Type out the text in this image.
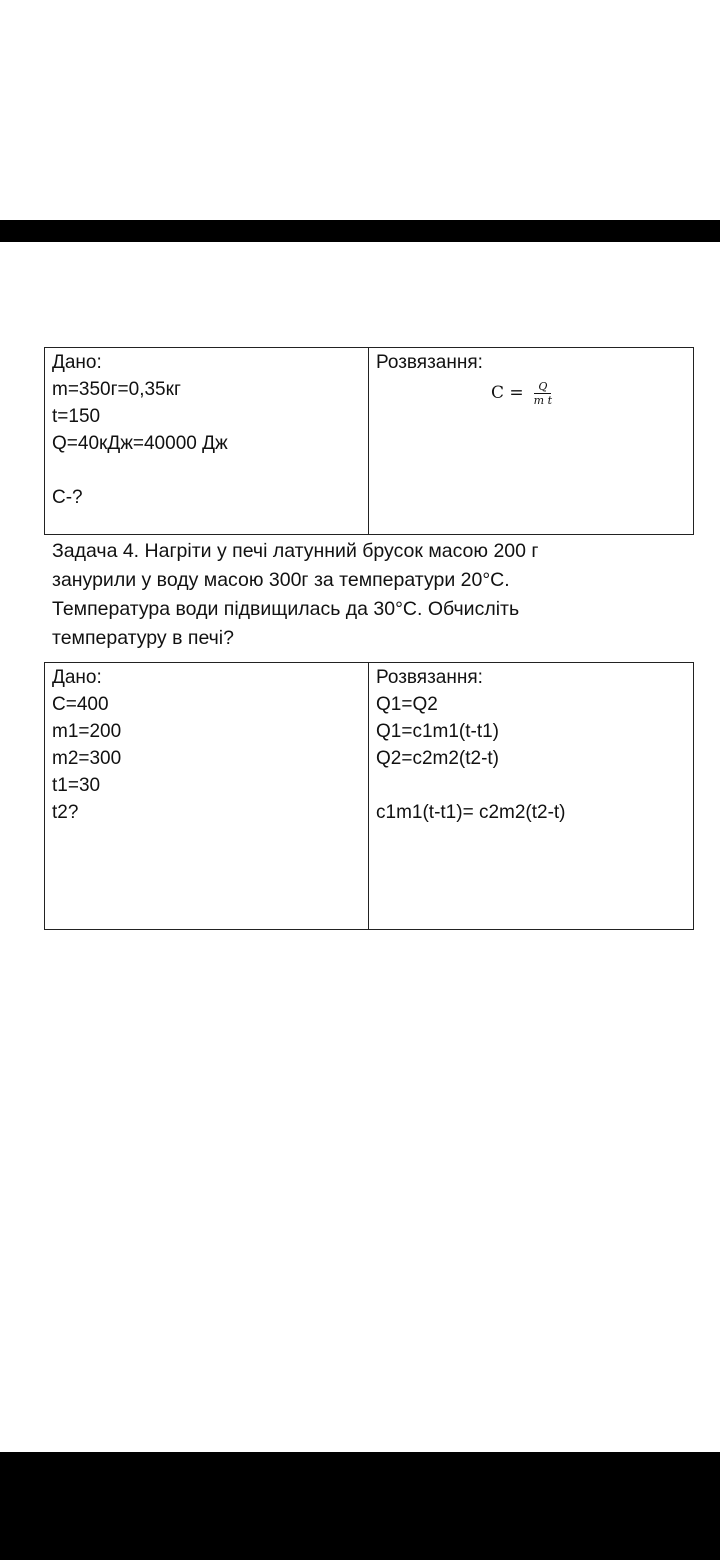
Дано:
m=350г=0,35кг
t=150
Q=40кДж=40000 Дж
C-?

Розвязання:
$C = \frac{Q}{\text{m t}}$
Задача 4. Нагріти у печі латунний брусок масою 200 г
занурили у воду масою 300г за температури 20°С.
Температура води підвищилась да 30°С. Обчисліть
температуру в печі?
Дано:
С=400
m1=200
m2=300
t1=30
t2?

Розвязання:
Q1=Q2
Q1=c1m1(t-t1)
Q2=c2m2(t2-t)
c1m1(t-t1)= c2m2(t2-t)
